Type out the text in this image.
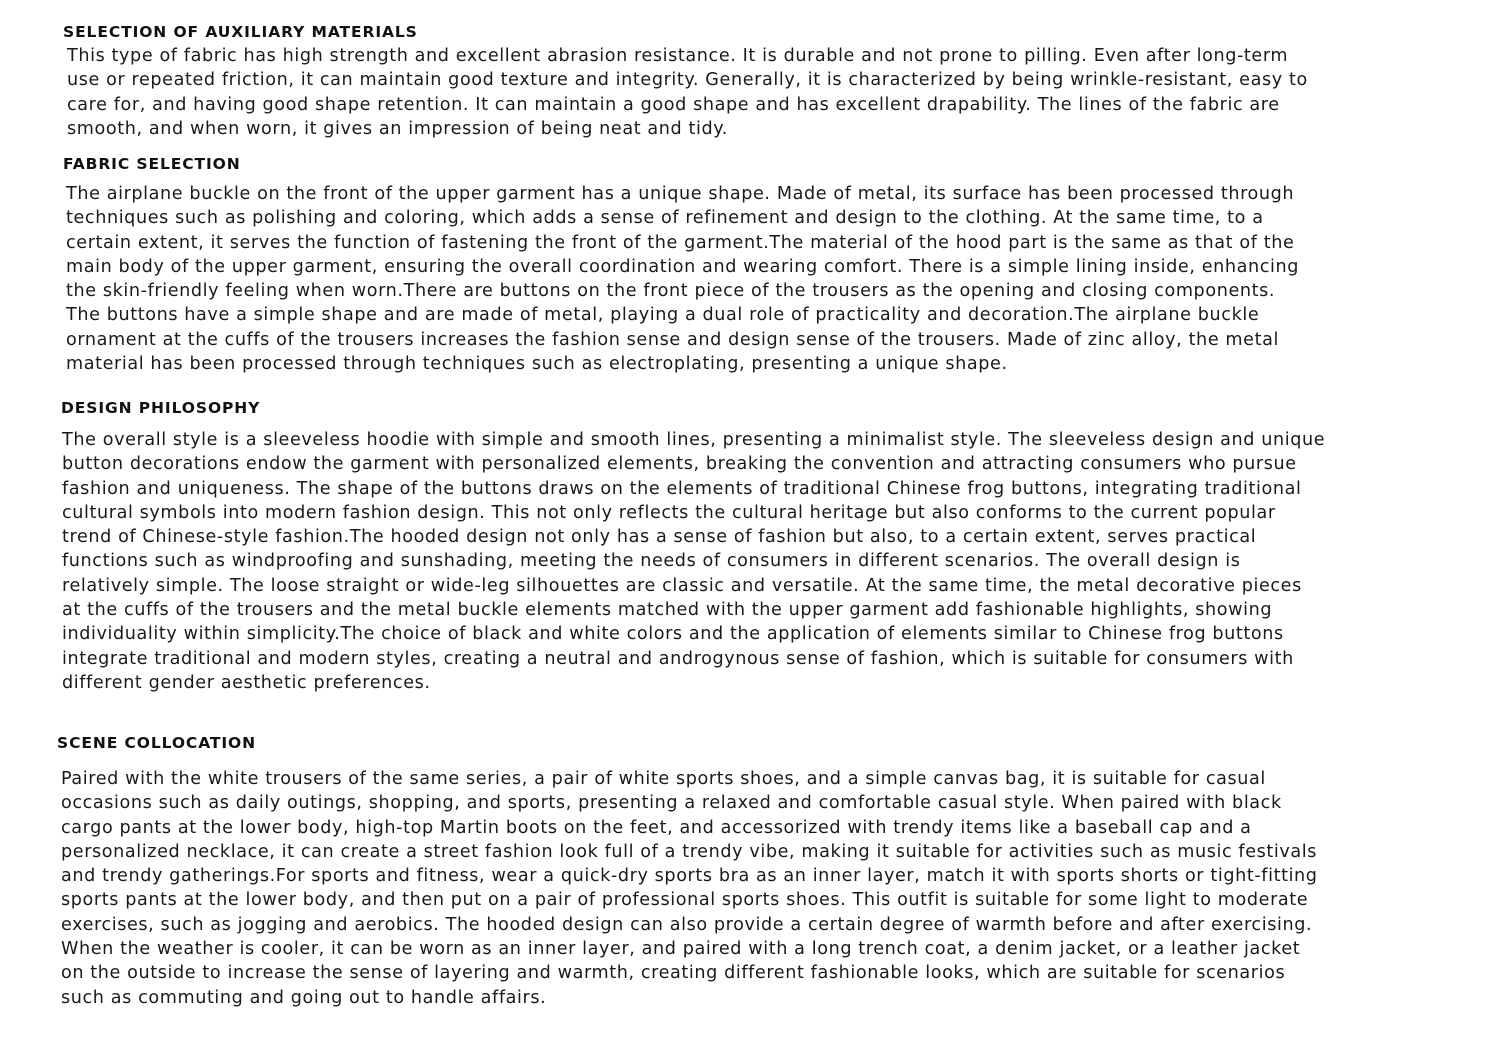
SELECTION OF AUXILIARY MATERIALS

This type of fabric has high strength and excellent abrasion resistance. It is durable and not prone to pilling. Even after long-term
use or repeated friction, it can maintain good texture and integrity. Generally, it is characterized by being wrinkle-resistant, easy to
care for, and having good shape retention. It can maintain a good shape and has excellent drapability. The lines of the fabric are
smooth, and when worn, it gives an impression of being neat and tidy.

FABRIC SELECTION

The airplane buckle on the front of the upper garment has a unique shape. Made of metal, its surface has been processed through
techniques such as polishing and coloring, which adds a sense of refinement and design to the clothing. At the same time, to a
certain extent, it serves the function of fastening the front of the garment.The material of the hood part is the same as that of the
main body of the upper garment, ensuring the overall coordination and wearing comfort. There is a simple lining inside, enhancing
the skin-friendly feeling when worn.There are buttons on the front piece of the trousers as the opening and closing components.
The buttons have a simple shape and are made of metal, playing a dual role of practicality and decoration.The airplane buckle
ornament at the cuffs of the trousers increases the fashion sense and design sense of the trousers. Made of zinc alloy, the metal
material has been processed through techniques such as electroplating, presenting a unique shape.

DESIGN PHILOSOPHY

The overall style is a sleeveless hoodie with simple and smooth lines, presenting a minimalist style. The sleeveless design and unique
button decorations endow the garment with personalized elements, breaking the convention and attracting consumers who pursue
fashion and uniqueness. The shape of the buttons draws on the elements of traditional Chinese frog buttons, integrating traditional
cultural symbols into modern fashion design. This not only reflects the cultural heritage but also conforms to the current popular
trend of Chinese-style fashion.The hooded design not only has a sense of fashion but also, to a certain extent, serves practical
functions such as windproofing and sunshading, meeting the needs of consumers in different scenarios. The overall design is
relatively simple. The loose straight or wide-leg silhouettes are classic and versatile. At the same time, the metal decorative pieces
at the cuffs of the trousers and the metal buckle elements matched with the upper garment add fashionable highlights, showing
individuality within simplicity.The choice of black and white colors and the application of elements similar to Chinese frog buttons
integrate traditional and modern styles, creating a neutral and androgynous sense of fashion, which is suitable for consumers with
different gender aesthetic preferences.

SCENE COLLOCATION

Paired with the white trousers of the same series, a pair of white sports shoes, and a simple canvas bag, it is suitable for casual
occasions such as daily outings, shopping, and sports, presenting a relaxed and comfortable casual style. When paired with black
cargo pants at the lower body, high-top Martin boots on the feet, and accessorized with trendy items like a baseball cap and a
personalized necklace, it can create a street fashion look full of a trendy vibe, making it suitable for activities such as music festivals
and trendy gatherings.For sports and fitness, wear a quick-dry sports bra as an inner layer, match it with sports shorts or tight-fitting
sports pants at the lower body, and then put on a pair of professional sports shoes. This outfit is suitable for some light to moderate
exercises, such as jogging and aerobics. The hooded design can also provide a certain degree of warmth before and after exercising.
When the weather is cooler, it can be worn as an inner layer, and paired with a long trench coat, a denim jacket, or a leather jacket
on the outside to increase the sense of layering and warmth, creating different fashionable looks, which are suitable for scenarios
such as commuting and going out to handle affairs.
